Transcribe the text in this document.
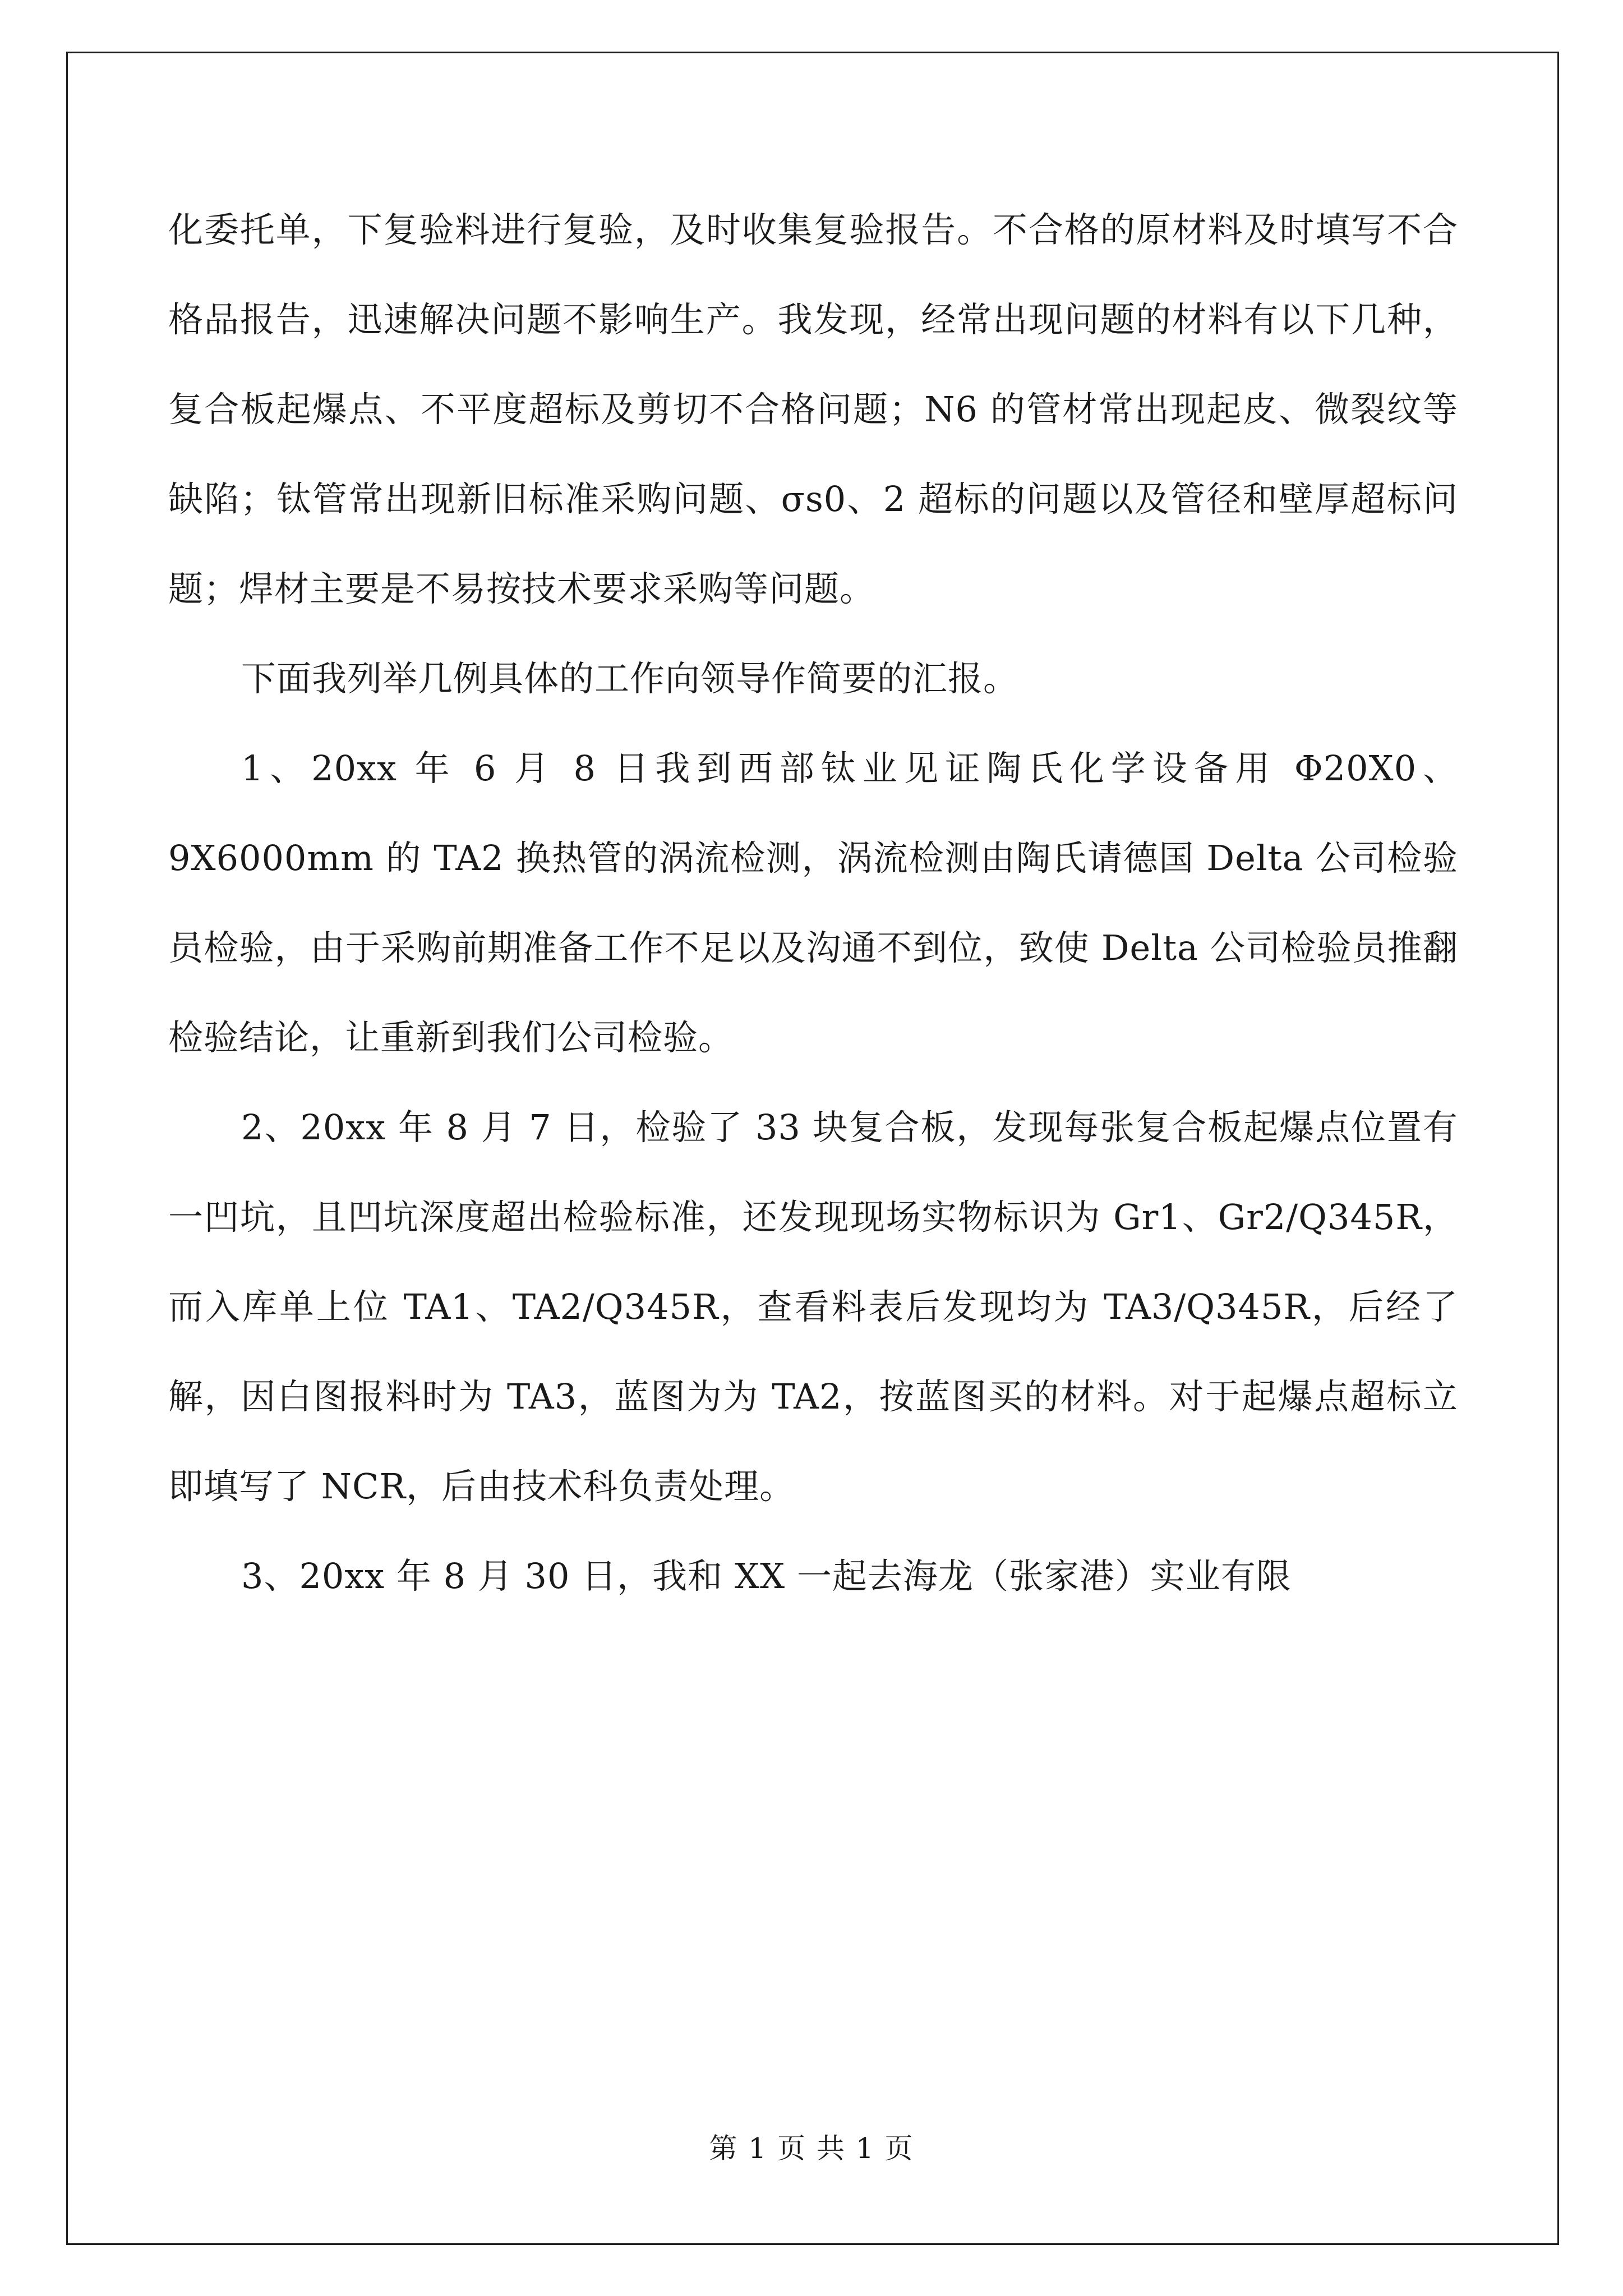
化委托单，下复验料进行复验，及时收集复验报告。不合格的原材料及时填写不合格品报告，迅速解决问题不影响生产。我发现，经常出现问题的材料有以下几种，复合板起爆点、不平度超标及剪切不合格问题；N6 的管材常出现起皮、微裂纹等缺陷；钛管常出现新旧标准采购问题、σs0、2 超标的问题以及管径和壁厚超标问题；焊材主要是不易按技术要求采购等问题。

下面我列举几例具体的工作向领导作简要的汇报。

1、20xx 年 6 月 8 日我到西部钛业见证陶氏化学设备用 Φ20X0、9X6000mm 的 TA2 换热管的涡流检测，涡流检测由陶氏请德国 Delta 公司检验员检验，由于采购前期准备工作不足以及沟通不到位，致使 Delta 公司检验员推翻检验结论，让重新到我们公司检验。

2、20xx 年 8 月 7 日，检验了 33 块复合板，发现每张复合板起爆点位置有一凹坑，且凹坑深度超出检验标准，还发现现场实物标识为 Gr1、Gr2/Q345R，而入库单上位 TA1、TA2/Q345R，查看料表后发现均为 TA3/Q345R，后经了解，因白图报料时为 TA3，蓝图为为 TA2，按蓝图买的材料。对于起爆点超标立即填写了 NCR，后由技术科负责处理。

3、20xx 年 8 月 30 日，我和 XX 一起去海龙（张家港）实业有限

第 1 页 共 1 页
